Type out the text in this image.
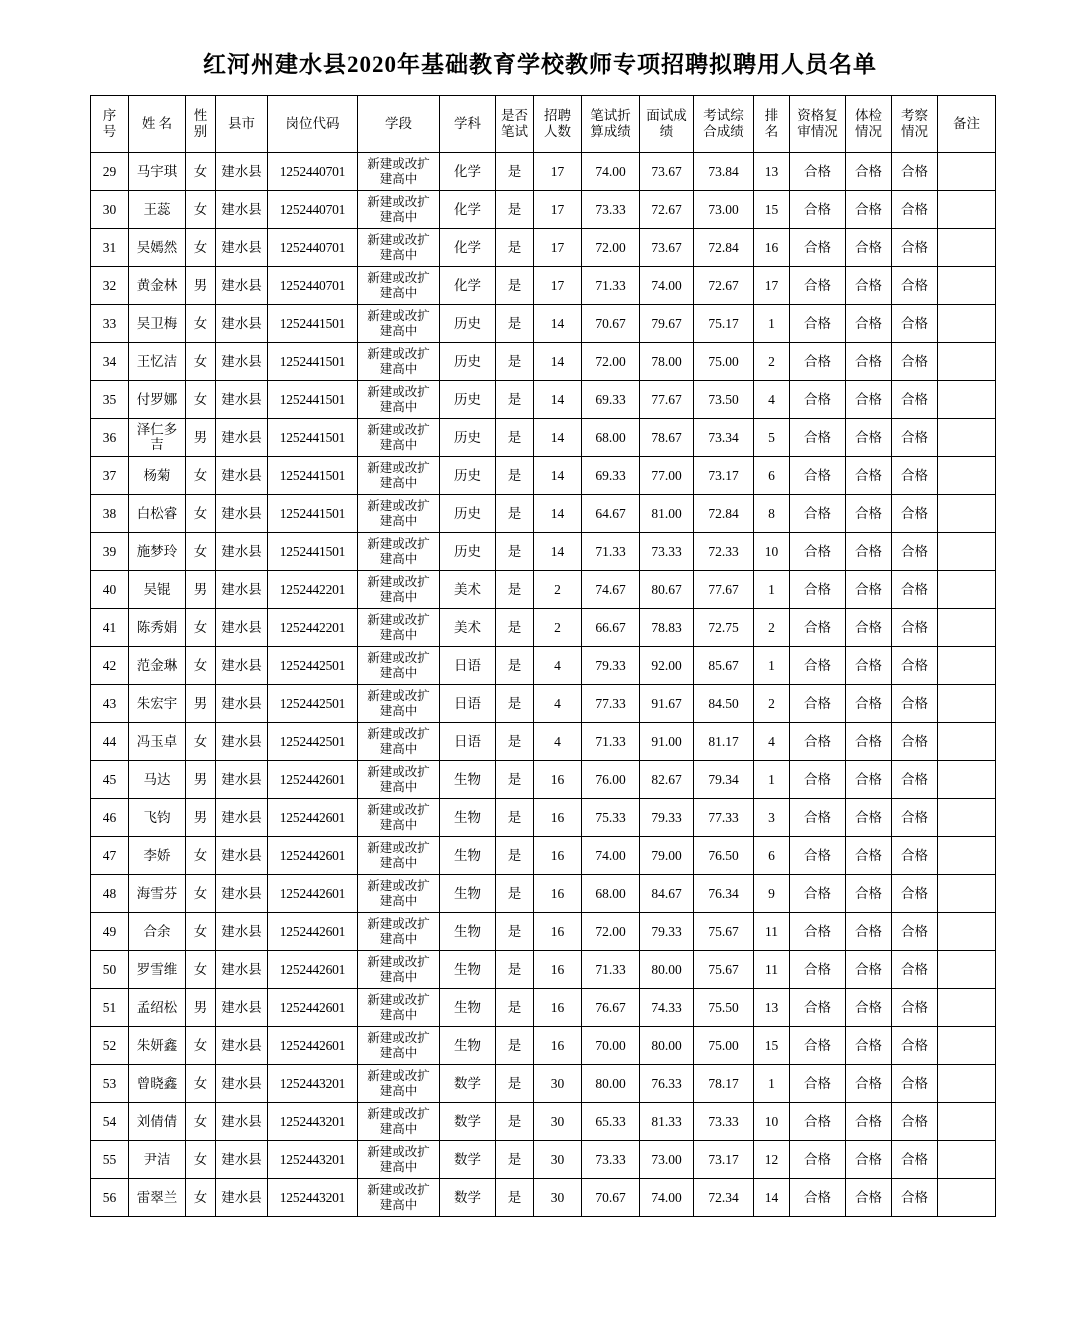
红河州建水县2020年基础教育学校教师专项招聘拟聘用人员名单
序
号	姓 名	性
别	县市	岗位代码	学段	学科	是否
笔试	招聘
人数	笔试折
算成绩	面试成
绩	考试综
合成绩	排
名	资格复
审情况	体检
情况	考察
情况	备注

29	马宇琪	女	建水县	1252440701	新建或改扩
建高中	化学	是	17	74.00	73.67	73.84	13	合格	合格	合格	
30	王蕊	女	建水县	1252440701	新建或改扩
建高中	化学	是	17	73.33	72.67	73.00	15	合格	合格	合格	
31	吴嫣然	女	建水县	1252440701	新建或改扩
建高中	化学	是	17	72.00	73.67	72.84	16	合格	合格	合格	
32	黄金林	男	建水县	1252440701	新建或改扩
建高中	化学	是	17	71.33	74.00	72.67	17	合格	合格	合格	
33	吴卫梅	女	建水县	1252441501	新建或改扩
建高中	历史	是	14	70.67	79.67	75.17	1	合格	合格	合格	
34	王忆洁	女	建水县	1252441501	新建或改扩
建高中	历史	是	14	72.00	78.00	75.00	2	合格	合格	合格	
35	付罗娜	女	建水县	1252441501	新建或改扩
建高中	历史	是	14	69.33	77.67	73.50	4	合格	合格	合格	
36	泽仁多
吉	男	建水县	1252441501	新建或改扩
建高中	历史	是	14	68.00	78.67	73.34	5	合格	合格	合格	
37	杨菊	女	建水县	1252441501	新建或改扩
建高中	历史	是	14	69.33	77.00	73.17	6	合格	合格	合格	
38	白松睿	女	建水县	1252441501	新建或改扩
建高中	历史	是	14	64.67	81.00	72.84	8	合格	合格	合格	
39	施梦玲	女	建水县	1252441501	新建或改扩
建高中	历史	是	14	71.33	73.33	72.33	10	合格	合格	合格	
40	吴锟	男	建水县	1252442201	新建或改扩
建高中	美术	是	2	74.67	80.67	77.67	1	合格	合格	合格	
41	陈秀娟	女	建水县	1252442201	新建或改扩
建高中	美术	是	2	66.67	78.83	72.75	2	合格	合格	合格	
42	范金琳	女	建水县	1252442501	新建或改扩
建高中	日语	是	4	79.33	92.00	85.67	1	合格	合格	合格	
43	朱宏宇	男	建水县	1252442501	新建或改扩
建高中	日语	是	4	77.33	91.67	84.50	2	合格	合格	合格	
44	冯玉卓	女	建水县	1252442501	新建或改扩
建高中	日语	是	4	71.33	91.00	81.17	4	合格	合格	合格	
45	马达	男	建水县	1252442601	新建或改扩
建高中	生物	是	16	76.00	82.67	79.34	1	合格	合格	合格	
46	飞钧	男	建水县	1252442601	新建或改扩
建高中	生物	是	16	75.33	79.33	77.33	3	合格	合格	合格	
47	李娇	女	建水县	1252442601	新建或改扩
建高中	生物	是	16	74.00	79.00	76.50	6	合格	合格	合格	
48	海雪芬	女	建水县	1252442601	新建或改扩
建高中	生物	是	16	68.00	84.67	76.34	9	合格	合格	合格	
49	合余	女	建水县	1252442601	新建或改扩
建高中	生物	是	16	72.00	79.33	75.67	11	合格	合格	合格	
50	罗雪维	女	建水县	1252442601	新建或改扩
建高中	生物	是	16	71.33	80.00	75.67	11	合格	合格	合格	
51	孟绍松	男	建水县	1252442601	新建或改扩
建高中	生物	是	16	76.67	74.33	75.50	13	合格	合格	合格	
52	朱妍鑫	女	建水县	1252442601	新建或改扩
建高中	生物	是	16	70.00	80.00	75.00	15	合格	合格	合格	
53	曾晓鑫	女	建水县	1252443201	新建或改扩
建高中	数学	是	30	80.00	76.33	78.17	1	合格	合格	合格	
54	刘倩倩	女	建水县	1252443201	新建或改扩
建高中	数学	是	30	65.33	81.33	73.33	10	合格	合格	合格	
55	尹洁	女	建水县	1252443201	新建或改扩
建高中	数学	是	30	73.33	73.00	73.17	12	合格	合格	合格	
56	雷翠兰	女	建水县	1252443201	新建或改扩
建高中	数学	是	30	70.67	74.00	72.34	14	合格	合格	合格	
